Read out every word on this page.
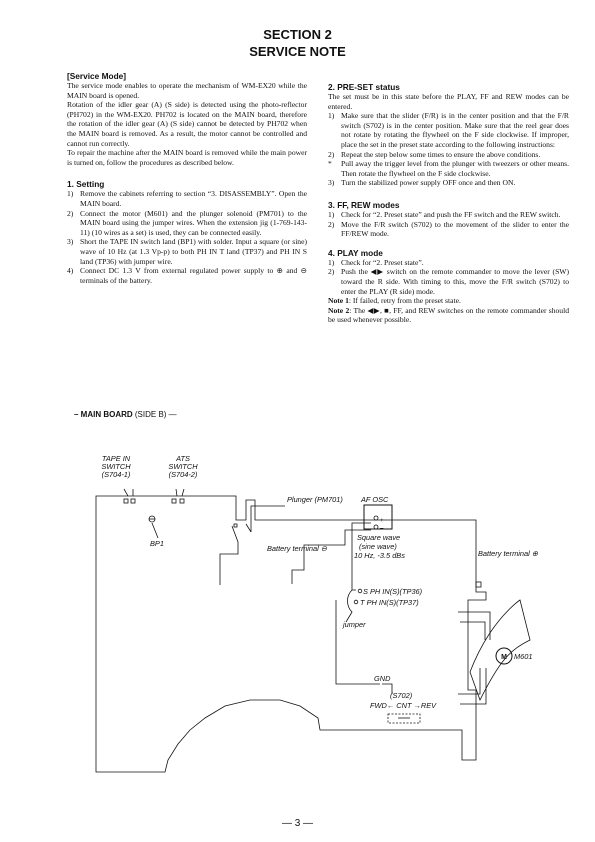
SECTION 2
SERVICE NOTE

[Service Mode]

The service mode enables to operate the mechanism of WM-EX20 while the MAIN board is opened.

Rotation of the idler gear (A) (S side) is detected using the photo-reflector (PH702) in the WM-EX20. PH702 is located on the MAIN board, therefore the rotation of the idler gear (A) (S side) cannot be detected by PH702 when the MAIN board is removed. As a result, the motor cannot be controlled and cannot run correctly.

To repair the machine after the MAIN board is removed while the main power is turned on, follow the procedures as described below.

1. Setting

1) Remove the cabinets referring to section “3. DISASSEMBLY”. Open the MAIN board.
2) Connect the motor (M601) and the plunger solenoid (PM701) to the MAIN board using the jumper wires. When the extension jig (1-769-143-11) (10 wires as a set) is used, they can be connected easily.
3) Short the TAPE IN switch land (BP1) with solder. Input a square (or sine) wave of 10 Hz (at 1.3 Vp-p) to both PH IN T land (TP37) and PH IN S land (TP36) with jumper wire.
4) Connect DC 1.3 V from external regulated power supply to ⊕ and ⊖ terminals of the battery.

2. PRE-SET status

The set must be in this state before the PLAY, FF and REW modes can be entered.

1) Make sure that the slider (F/R) is in the center position and that the F/R switch (S702) is in the center position. Make sure that the reel gear does not rotate by rotating the flywheel on the F side clockwise. If improper, place the set in the preset state according to the following instructions:
2) Repeat the step below some times to ensure the above conditions.
* Pull away the trigger level from the plunger with tweezers or other means. Then rotate the flywheel on the F side clockwise.
3) Turn the stabilized power supply OFF once and then ON.

3. FF, REW modes

1) Check for “2. Preset state” and push the FF switch and the REW switch.
2) Move the F/R switch (S702) to the movement of the slider to enter the FF/REW mode.

4. PLAY mode

1) Check for “2. Preset state”.
2) Push the ◀▶ switch on the remote commander to move the lever (SW) toward the R side. With timing to this, move the F/R switch (S702) to enter the PLAY (R side) mode.

Note 1: If failed, retry from the preset state.

Note 2: The ◀▶, ■, FF, and REW switches on the remote commander should be used whenever possible.

– MAIN BOARD (SIDE B) —
TAPE IN
SWITCH
(S704-1)
ATS
SWITCH
(S704-2)
BP1
Plunger (PM701) AF OSC
+
–
Square wave
(sine wave)
10 Hz, -3.5 dBs
Battery terminal ⊖
Battery terminal ⊕
S PH IN(S)(TP36)
T PH IN(S)(TP37)
jumper
M M601
GND
(S702)
FWD← CNT →REV
— 3 —
